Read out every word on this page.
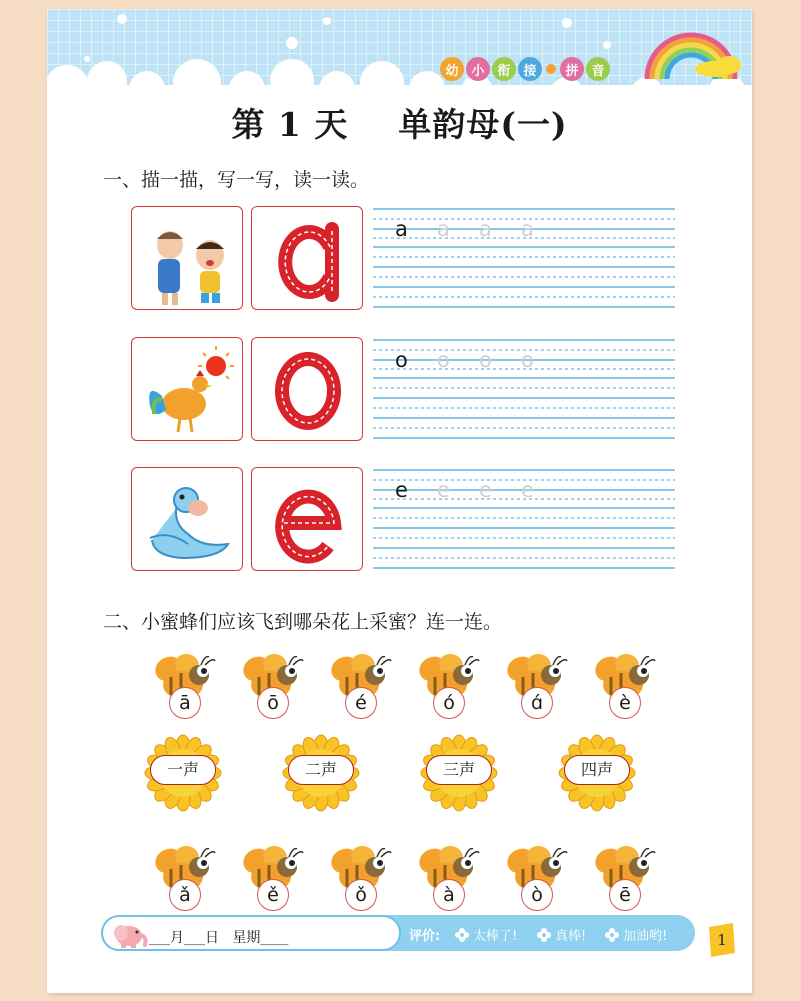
幼 小 衔 接	拼 音
第 1 天    单韵母(一)
一、描一描，写一写，读一读。
a	a	a	a
o	o	o	o
e	e	e	e
二、小蜜蜂们应该飞到哪朵花上采蜜？连一连。
ā	ō	é	ó	ɑ́	è
一声	二声	三声	四声
ǎ	ě	ǒ	à	ò	ē
评价:	太棒了!	真棒!	加油哟!
___月___日   星期____	1
